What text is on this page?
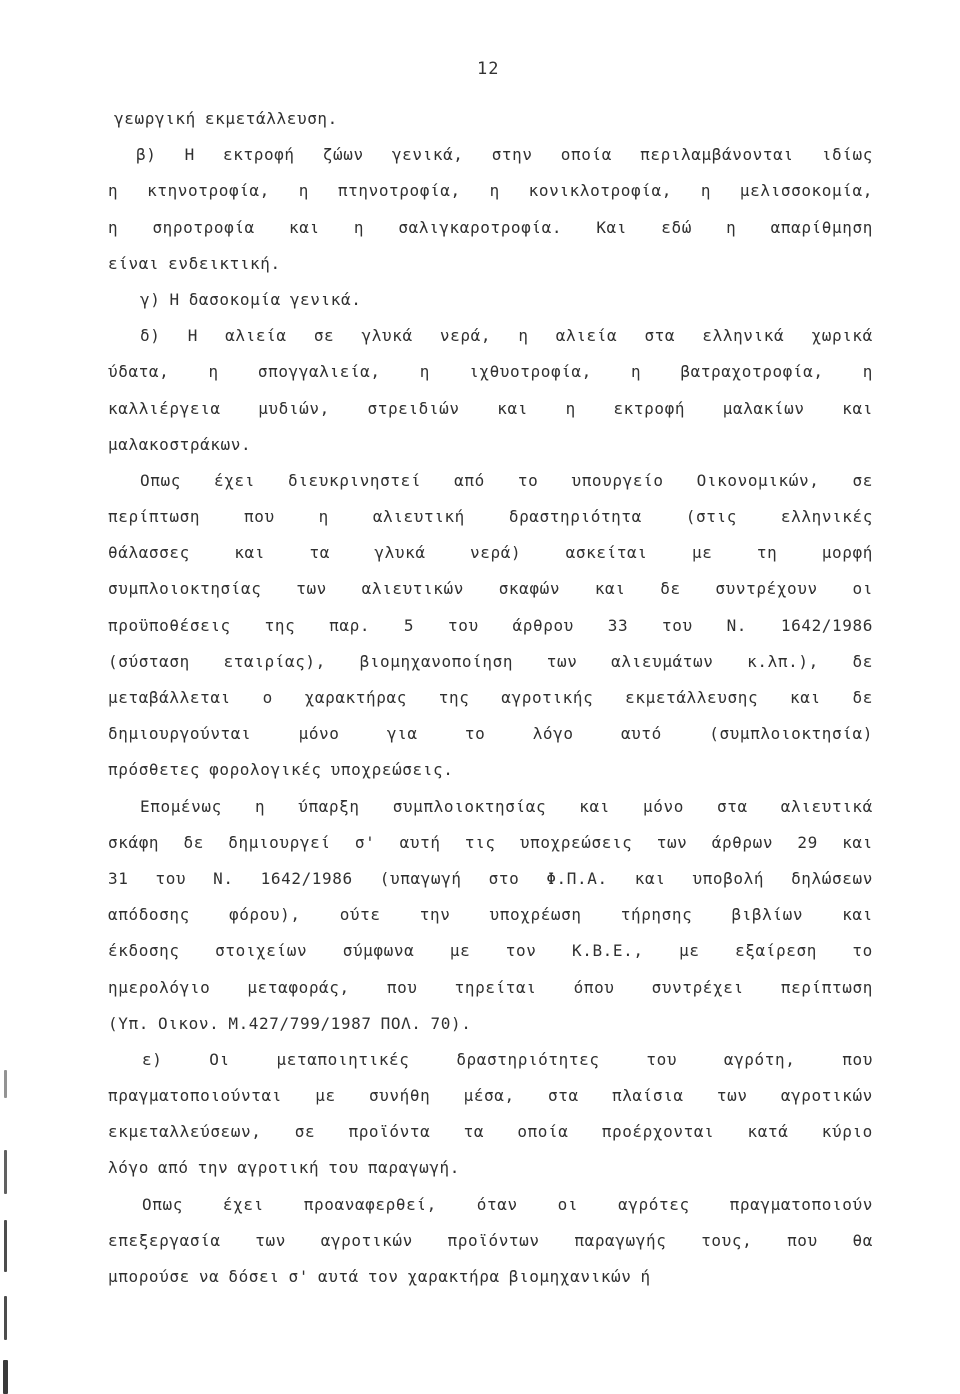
12
γεωργική εκμετάλλευση.
β) Η εκτροφή ζώων γενικά, στην οποία περιλαμβάνονται ιδίως
η κτηνοτροφία, η πτηνοτροφία, η κονικλοτροφία, η μελισσοκομία,
η σηροτροφία και η σαλιγκαροτροφία. Και εδώ η απαρίθμηση
είναι ενδεικτική.
γ) Η δασοκομία γενικά.
δ) Η αλιεία σε γλυκά νερά, η αλιεία στα ελληνικά χωρικά
ύδατα, η σπογγαλιεία, η ιχθυοτροφία, η βατραχοτροφία, η
καλλιέργεια μυδιών, στρειδιών και η εκτροφή μαλακίων και
μαλακοστράκων.
Οπως έχει διευκρινηστεί από το υπουργείο Οικονομικών, σε
περίπτωση	που	η	αλιευτική	δραστηριότητα	(στις	ελληνικές
θάλασσες	και	τα	γλυκά	νερά)	ασκείται	με	τη	μορφή
συμπλοιοκτησίας των αλιευτικών σκαφών και δε συντρέχουν οι
προϋποθέσεις της παρ. 5 του άρθρου 33 του Ν. 1642/1986
(σύσταση εταιρίας), βιομηχανοποίηση των αλιευμάτων κ.λπ.), δε
μεταβάλλεται ο χαρακτήρας της αγροτικής εκμετάλλευσης και δε
δημιουργούνται	μόνο	για	το	λόγο	αυτό	(συμπλοιοκτησία)
πρόσθετες φορολογικές υποχρεώσεις.
Επομένως η ύπαρξη συμπλοιοκτησίας και μόνο στα αλιευτικά
σκάφη δε δημιουργεί σ' αυτή τις υποχρεώσεις των άρθρων 29 και
31 του Ν. 1642/1986 (υπαγωγή στο Φ.Π.Α. και υποβολή δηλώσεων
απόδοσης φόρου), ούτε την υποχρέωση τήρησης βιβλίων και
έκδοσης στοιχείων σύμφωνα με τον Κ.Β.Ε., με εξαίρεση το
ημερολόγιο μεταφοράς, που τηρείται όπου συντρέχει περίπτωση
(Υπ. Οικον. Μ.427/799/1987 ΠΟΛ. 70).
ε)	Οι	μεταποιητικές	δραστηριότητες	του	αγρότη,	που
πραγματοποιούνται με συνήθη μέσα, στα πλαίσια των αγροτικών
εκμεταλλεύσεων, σε προϊόντα τα οποία προέρχονται κατά κύριο
λόγο από την αγροτική του παραγωγή.
Οπως έχει προαναφερθεί, όταν οι αγρότες πραγματοποιούν
επεξεργασία των αγροτικών προϊόντων παραγωγής τους, που θα
μπορούσε να δόσει σ' αυτά τον χαρακτήρα βιομηχανικών ή
